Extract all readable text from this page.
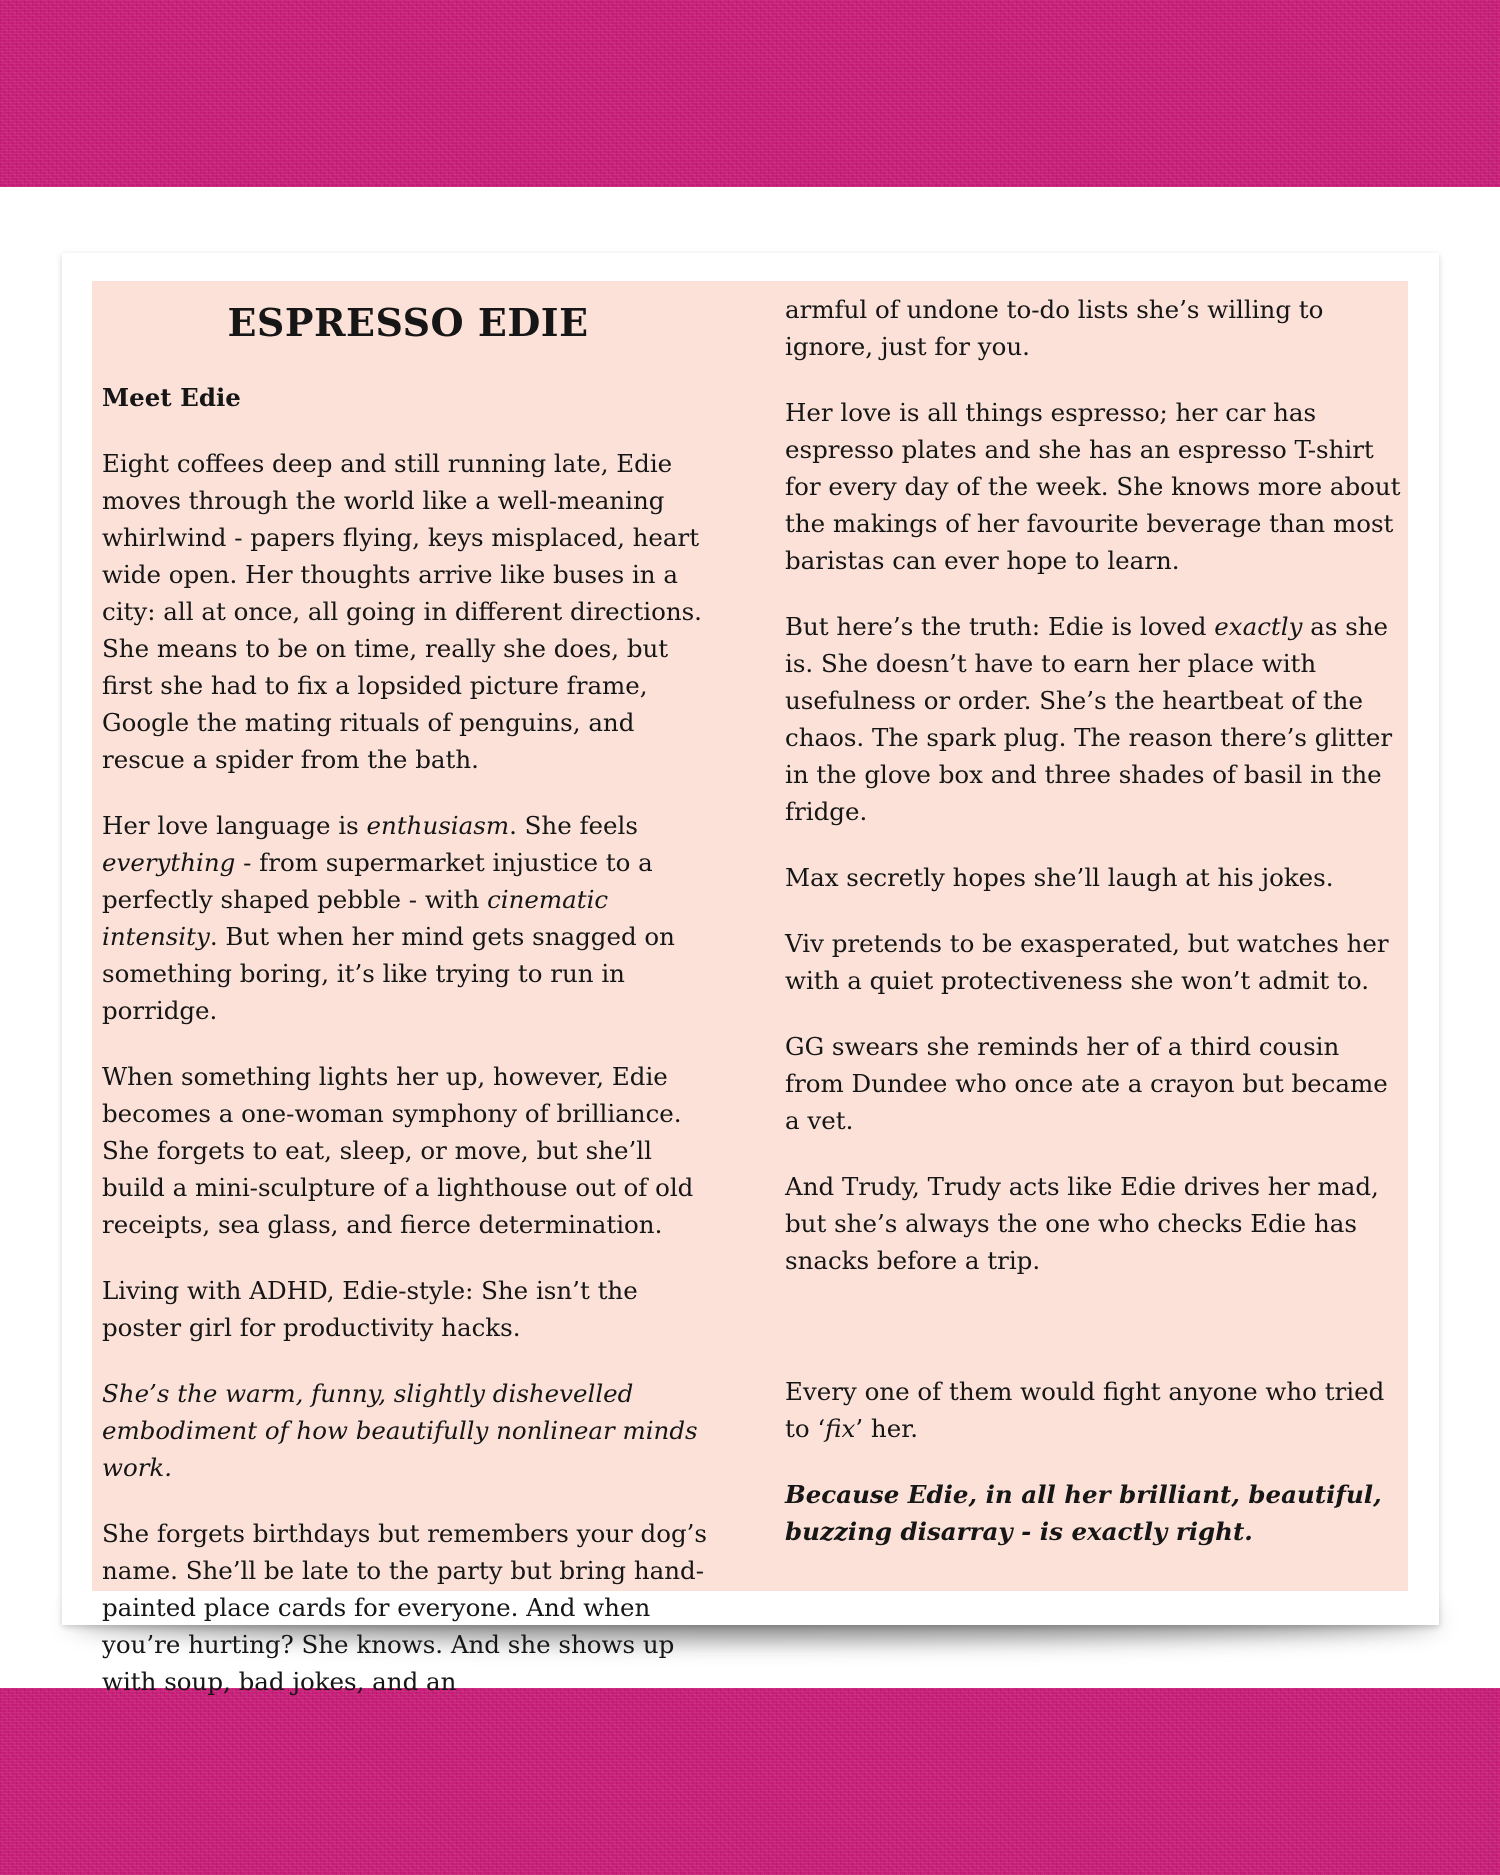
ESPRESSO EDIE
Meet Edie

Eight coffees deep and still running late, Edie moves through the world like a well-meaning whirlwind - papers flying, keys misplaced, heart wide open. Her thoughts arrive like buses in a city: all at once, all going in different directions. She means to be on time, really she does, but first she had to fix a lopsided picture frame, Google the mating rituals of penguins, and rescue a spider from the bath.

Her love language is enthusiasm. She feels everything - from supermarket injustice to a perfectly shaped pebble - with cinematic intensity. But when her mind gets snagged on something boring, it’s like trying to run in porridge.

When something lights her up, however, Edie becomes a one-woman symphony of brilliance. She forgets to eat, sleep, or move, but she’ll build a mini-sculpture of a lighthouse out of old receipts, sea glass, and fierce determination.

Living with ADHD, Edie-style: She isn’t the poster girl for productivity hacks.

She’s the warm, funny, slightly dishevelled embodiment of how beautifully nonlinear minds work.

She forgets birthdays but remembers your dog’s name. She’ll be late to the party but bring hand-painted place cards for everyone. And when you’re hurting? She knows. And she shows up with soup, bad jokes, and an

armful of undone to-do lists she’s willing to ignore, just for you.

Her love is all things espresso; her car has espresso plates and she has an espresso T-shirt for every day of the week. She knows more about the makings of her favourite beverage than most baristas can ever hope to learn.

But here’s the truth: Edie is loved exactly as she is. She doesn’t have to earn her place with usefulness or order. She’s the heartbeat of the chaos. The spark plug. The reason there’s glitter in the glove box and three shades of basil in the fridge.

Max secretly hopes she’ll laugh at his jokes.

Viv pretends to be exasperated, but watches her with a quiet protectiveness she won’t admit to.

GG swears she reminds her of a third cousin from Dundee who once ate a crayon but became a vet.

And Trudy, Trudy acts like Edie drives her mad, but she’s always the one who checks Edie has snacks before a trip.

Every one of them would fight anyone who tried to ‘fix’ her.

Because Edie, in all her brilliant, beautiful, buzzing disarray - is exactly right.
